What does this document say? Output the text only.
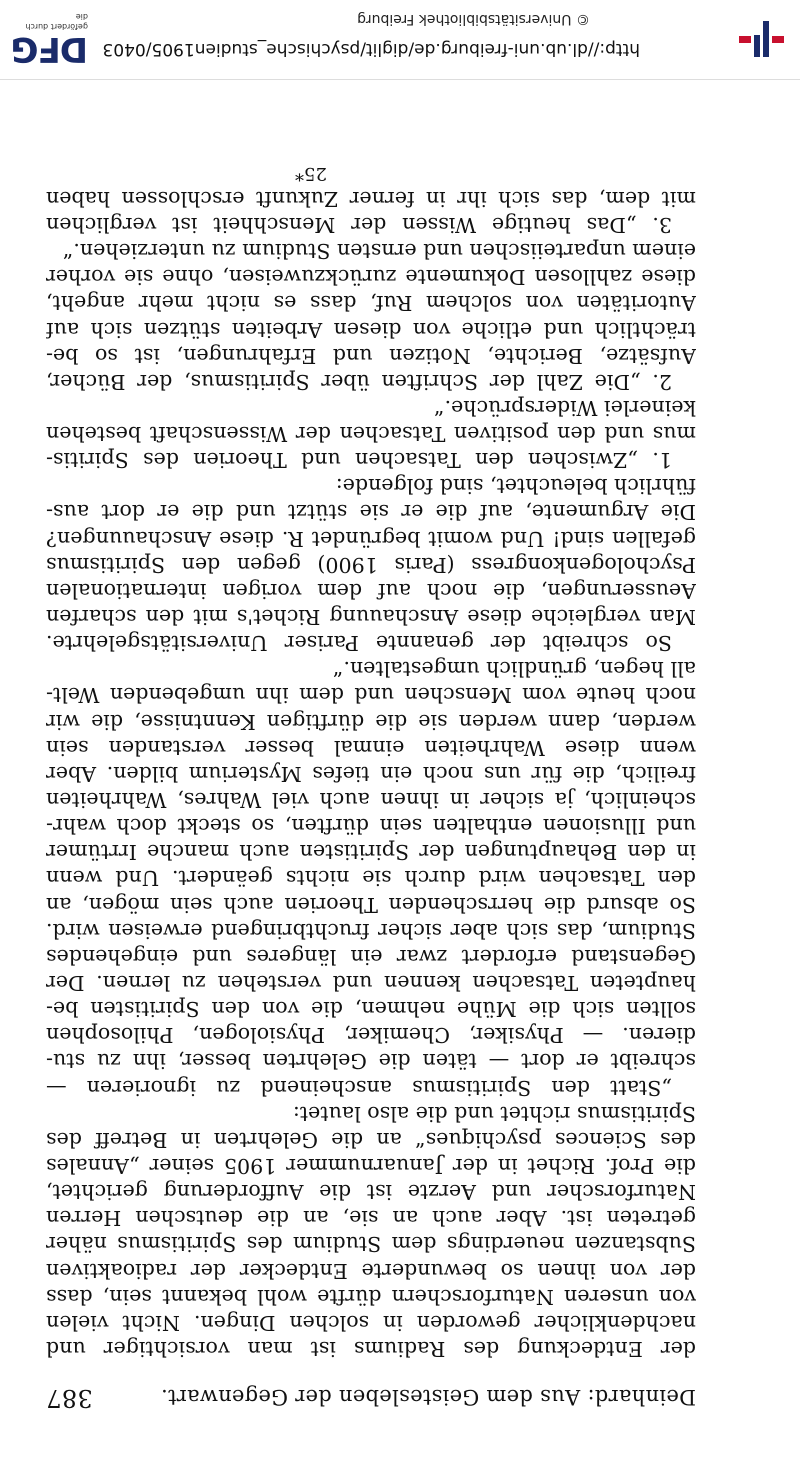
Deinhard: Aus dem Geistesleben der Gegenwart.
387
der Entdeckung des Radiums ist man vorsichtiger und
nachdenklicher geworden in solchen Dingen. Nicht vielen
von unseren Naturforschern dürfte wohl bekannt sein, dass
der von ihnen so bewunderte Entdecker der radioaktiven
Substanzen neuerdings dem Studium des Spiritismus näher
getreten ist. Aber auch an sie, an die deutschen Herren
Naturforscher und Aerzte ist die Aufforderung gerichtet,
die Prof. Richet in der Januarnummer 1905 seiner „Annales
des Sciences psychiques“ an die Gelehrten in Betreff des
Spiritismus richtet und die also lautet:
„Statt den Spiritismus anscheinend zu ignorieren —
schreibt er dort — täten die Gelehrten besser, ihn zu stu-
dieren. — Physiker, Chemiker, Physiologen, Philosophen
sollten sich die Mühe nehmen, die von den Spiritisten be-
haupteten Tatsachen kennen und verstehen zu lernen. Der
Gegenstand erfordert zwar ein längeres und eingehendes
Studium, das sich aber sicher fruchtbringend erweisen wird.
So absurd die herrschenden Theorien auch sein mögen, an
den Tatsachen wird durch sie nichts geändert. Und wenn
in den Behauptungen der Spiritisten auch manche Irrtümer
und Illusionen enthalten sein dürften, so steckt doch wahr-
scheinlich, ja sicher in ihnen auch viel Wahres, Wahrheiten
freilich, die für uns noch ein tiefes Mysterium bilden. Aber
wenn diese Wahrheiten einmal besser verstanden sein
werden, dann werden sie die dürftigen Kenntnisse, die wir
noch heute vom Menschen und dem ihn umgebenden Welt-
all hegen, gründlich umgestalten.“
So schreibt der genannte Pariser Universitätsgelehrte.
Man vergleiche diese Anschauung Richet's mit den scharfen
Aeusserungen, die noch auf dem vorigen internationalen
Psychologenkongress (Paris 1900) gegen den Spiritismus
gefallen sind! Und womit begründet R. diese Anschauungen?
Die Argumente, auf die er sie stützt und die er dort aus-
führlich beleuchtet, sind folgende:
1. „Zwischen den Tatsachen und Theorien des Spiritis-
mus und den positiven Tatsachen der Wissenschaft bestehen
keinerlei Widersprüche.“
2. „Die Zahl der Schriften über Spiritismus, der Bücher,
Aufsätze, Berichte, Notizen und Erfahrungen, ist so be-
trächtlich und etliche von diesen Arbeiten stützen sich auf
Autoritäten von solchem Ruf, dass es nicht mehr angeht,
diese zahllosen Dokumente zurückzuweisen, ohne sie vorher
einem unparteiischen und ernsten Studium zu unterziehen.“
3. „Das heutige Wissen der Menschheit ist verglichen
mit dem, das sich ihr in ferner Zukunft erschlossen haben
25*
http://dl.ub.uni-freiburg.de/diglit/psychische_studien1905/0403
© Universitätsbibliothek Freiburg
DFG
gefördert durch die
